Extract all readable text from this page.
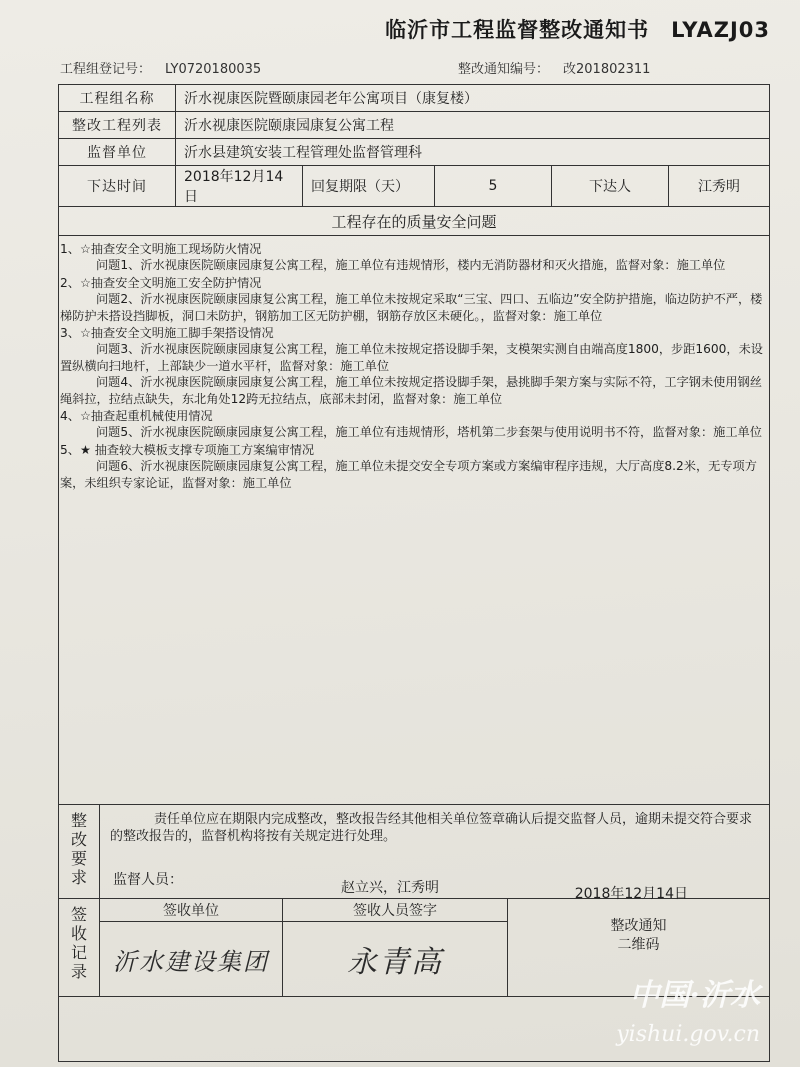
临沂市工程监督整改通知书　LYAZJ03
工程组登记号： LY0720180035	整改通知编号： 改201802311
工程组名称	沂水视康医院暨颐康园老年公寓项目（康复楼）				
整改工程列表	沂水视康医院颐康园康复公寓工程				
监督单位	沂水县建筑安装工程管理处监督管理科				
下达时间	2018年12月14日	回复期限（天）	5	下达人	江秀明
工程存在的质量安全问题					
1、☆抽查安全文明施工现场防火情况
问题1、沂水视康医院颐康园康复公寓工程，施工单位有违规情形，楼内无消防器材和灭火措施，监督对象：施工单位
2、☆抽查安全文明施工安全防护情况
问题2、沂水视康医院颐康园康复公寓工程，施工单位未按规定采取“三宝、四口、五临边”安全防护措施，临边防护不严，楼梯防护未搭设挡脚板，洞口未防护，钢筋加工区无防护棚，钢筋存放区未硬化。，监督对象：施工单位
3、☆抽查安全文明施工脚手架搭设情况
问题3、沂水视康医院颐康园康复公寓工程，施工单位未按规定搭设脚手架，支模架实测自由端高度1800，步距1600，未设置纵横向扫地杆，上部缺少一道水平杆，监督对象：施工单位
问题4、沂水视康医院颐康园康复公寓工程，施工单位未按规定搭设脚手架，悬挑脚手架方案与实际不符，工字钢未使用钢丝绳斜拉，拉结点缺失，东北角处12跨无拉结点，底部未封闭，监督对象：施工单位
4、☆抽查起重机械使用情况
问题5、沂水视康医院颐康园康复公寓工程，施工单位有违规情形，塔机第二步套架与使用说明书不符，监督对象：施工单位
5、★ 抽查较大模板支撑专项施工方案编审情况
问题6、沂水视康医院颐康园康复公寓工程，施工单位未提交安全专项方案或方案编审程序违规，大厅高度8.2米，无专项方案，未组织专家论证，监督对象：施工单位
整改要求	责任单位应在期限内完成整改，整改报告经其他相关单位签章确认后提交监督人员，逾期未提交符合要求的整改报告的，监督机构将按有关规定进行处理。		

	监督人员： 赵立兴，江秀明 2018年12月14日		

签收记录	签收单位	签收人员签字	整改通知二维码
	沂水建设集团	永青高	
中国·沂水
yishui.gov.cn
